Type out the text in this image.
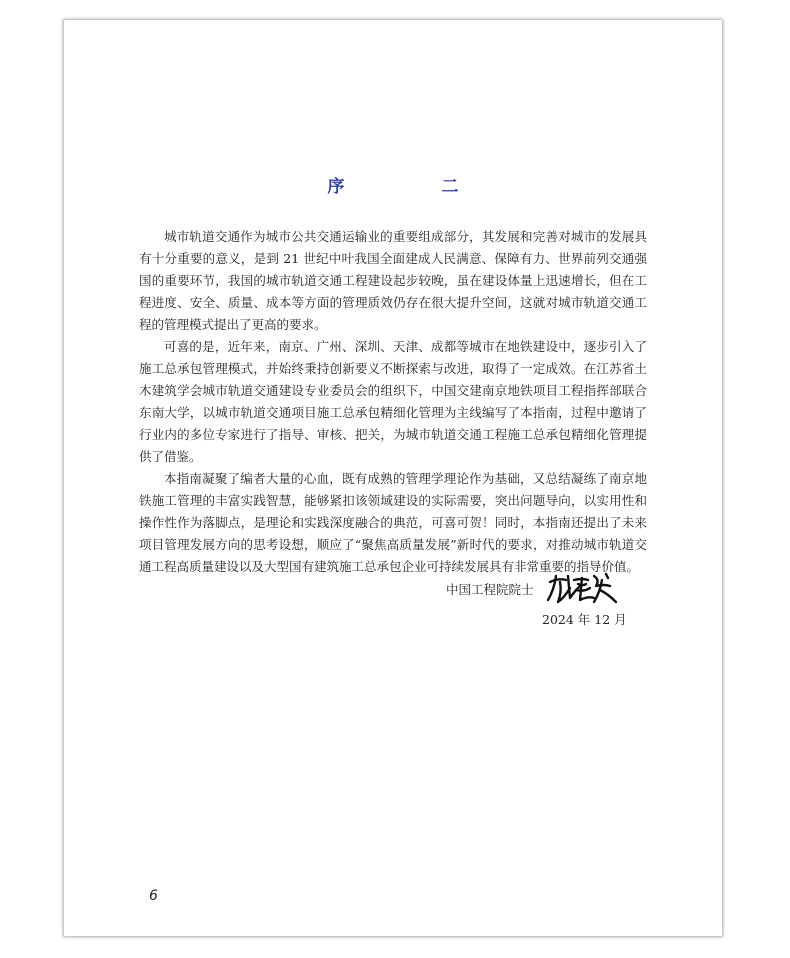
序　二

城市轨道交通作为城市公共交通运输业的重要组成部分，其发展和完善对城市的发展具有十分重要的意义，是到 21 世纪中叶我国全面建成人民满意、保障有力、世界前列交通强国的重要环节，我国的城市轨道交通工程建设起步较晚，虽在建设体量上迅速增长，但在工程进度、安全、质量、成本等方面的管理质效仍存在很大提升空间，这就对城市轨道交通工程的管理模式提出了更高的要求。

可喜的是，近年来，南京、广州、深圳、天津、成都等城市在地铁建设中，逐步引入了施工总承包管理模式，并始终秉持创新要义不断探索与改进，取得了一定成效。在江苏省土木建筑学会城市轨道交通建设专业委员会的组织下，中国交建南京地铁项目工程指挥部联合东南大学，以城市轨道交通项目施工总承包精细化管理为主线编写了本指南，过程中邀请了行业内的多位专家进行了指导、审核、把关，为城市轨道交通工程施工总承包精细化管理提供了借鉴。

本指南凝聚了编者大量的心血，既有成熟的管理学理论作为基础，又总结凝练了南京地铁施工管理的丰富实践智慧，能够紧扣该领域建设的实际需要，突出问题导向，以实用性和操作性作为落脚点，是理论和实践深度融合的典范，可喜可贺！同时，本指南还提出了未来项目管理发展方向的思考设想，顺应了“聚焦高质量发展”新时代的要求，对推动城市轨道交通工程高质量建设以及大型国有建筑施工总承包企业可持续发展具有非常重要的指导价值。

中国工程院院士
2024 年 12 月
6
